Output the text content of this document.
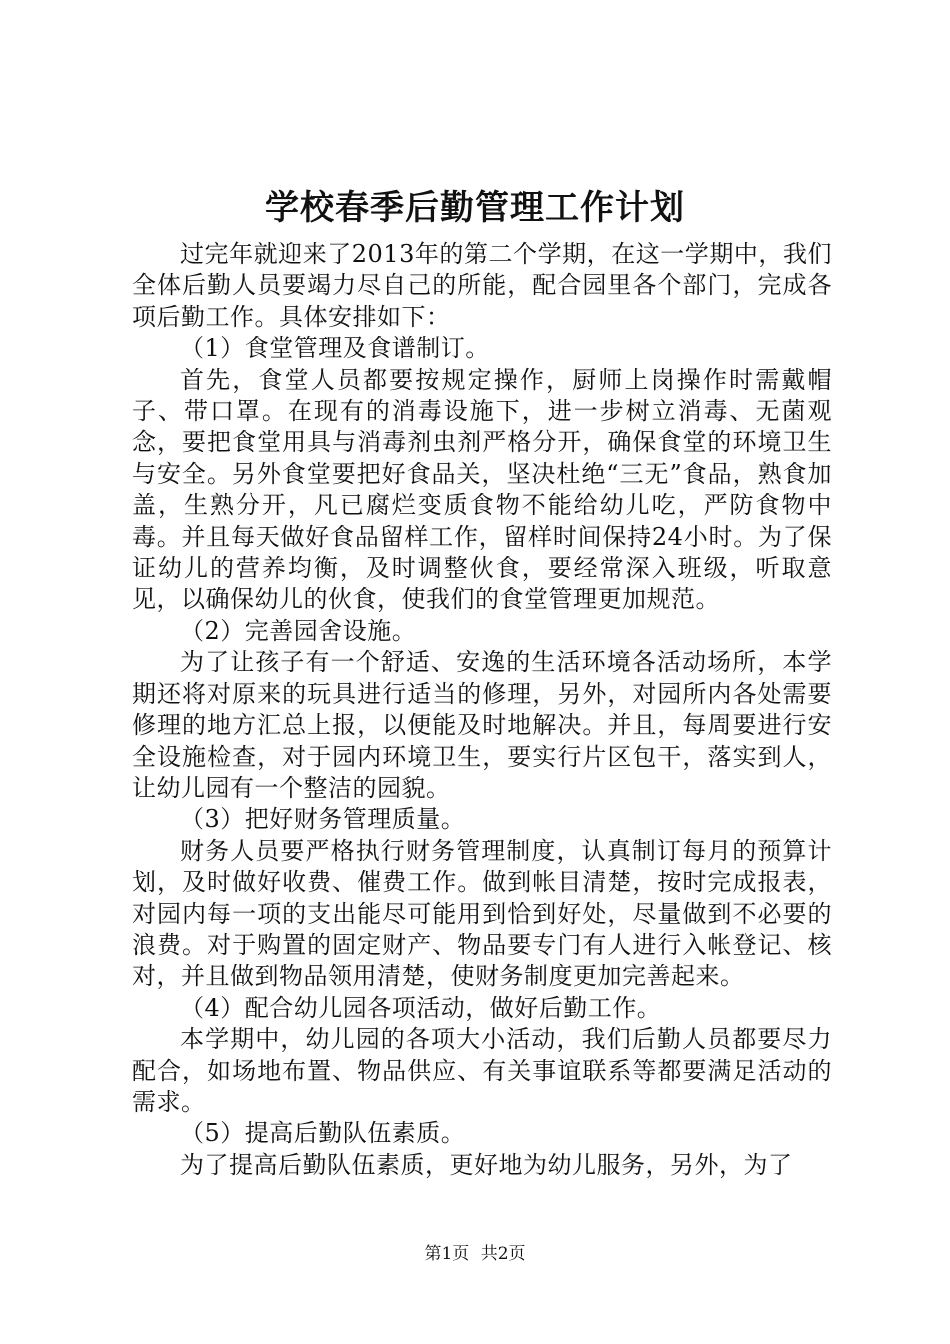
学校春季后勤管理工作计划

过完年就迎来了2013年的第二个学期，在这一学期中，我们全体后勤人员要竭力尽自己的所能，配合园里各个部门，完成各项后勤工作。具体安排如下：

（1）食堂管理及食谱制订。

首先，食堂人员都要按规定操作，厨师上岗操作时需戴帽子、带口罩。在现有的消毒设施下，进一步树立消毒、无菌观念，要把食堂用具与消毒剂虫剂严格分开，确保食堂的环境卫生与安全。另外食堂要把好食品关，坚决杜绝“三无”食品，熟食加盖，生熟分开，凡已腐烂变质食物不能给幼儿吃，严防食物中毒。并且每天做好食品留样工作，留样时间保持24小时。为了保证幼儿的营养均衡，及时调整伙食，要经常深入班级，听取意见，以确保幼儿的伙食，使我们的食堂管理更加规范。

（2）完善园舍设施。

为了让孩子有一个舒适、安逸的生活环境各活动场所，本学期还将对原来的玩具进行适当的修理，另外，对园所内各处需要修理的地方汇总上报，以便能及时地解决。并且，每周要进行安全设施检查，对于园内环境卫生，要实行片区包干，落实到人，让幼儿园有一个整洁的园貌。

（3）把好财务管理质量。

财务人员要严格执行财务管理制度，认真制订每月的预算计划，及时做好收费、催费工作。做到帐目清楚，按时完成报表，对园内每一项的支出能尽可能用到恰到好处，尽量做到不必要的浪费。对于购置的固定财产、物品要专门有人进行入帐登记、核对，并且做到物品领用清楚，使财务制度更加完善起来。

（4）配合幼儿园各项活动，做好后勤工作。

本学期中，幼儿园的各项大小活动，我们后勤人员都要尽力配合，如场地布置、物品供应、有关事谊联系等都要满足活动的需求。

（5）提高后勤队伍素质。

为了提高后勤队伍素质，更好地为幼儿服务，另外，为了

第1页 共2页
